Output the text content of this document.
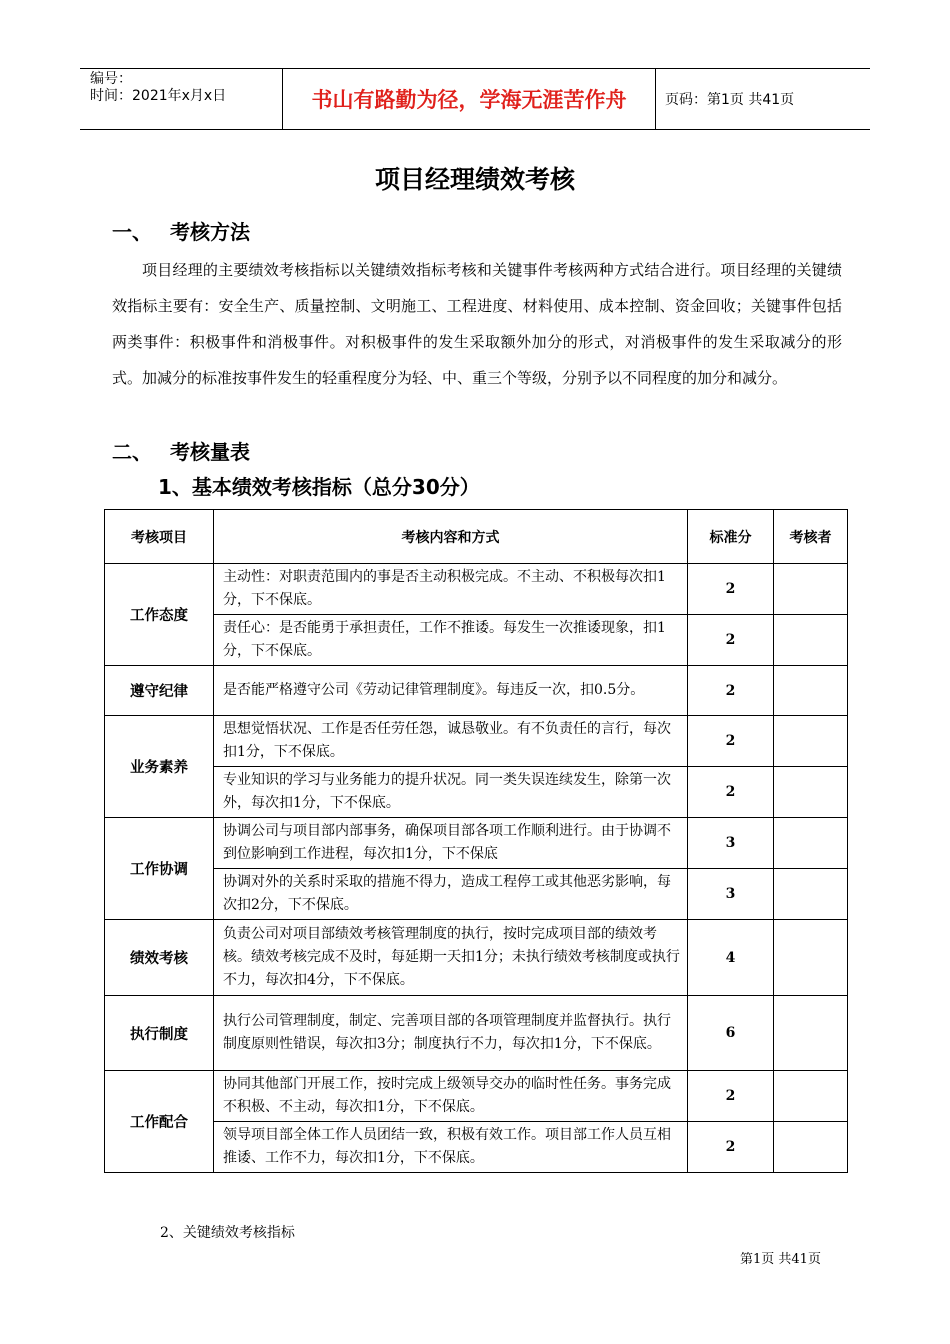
编号：
时间：2021年x月x日	书山有路勤为径，学海无涯苦作舟	页码：第1页 共41页
项目经理绩效考核
一、 考核方法

项目经理的主要绩效考核指标以关键绩效指标考核和关键事件考核两种方式结合进行。项目经理的关键绩效指标主要有：安全生产、质量控制、文明施工、工程进度、材料使用、成本控制、资金回收；关键事件包括两类事件：积极事件和消极事件。对积极事件的发生采取额外加分的形式，对消极事件的发生采取减分的形式。加减分的标准按事件发生的轻重程度分为轻、中、重三个等级，分别予以不同程度的加分和减分。

二、 考核量表
1、基本绩效考核指标（总分30分）
考核项目	考核内容和方式	标准分	考核者
工作态度	主动性：对职责范围内的事是否主动积极完成。不主动、不积极每次扣1分，下不保底。	2	
	责任心：是否能勇于承担责任，工作不推诿。每发生一次推诿现象，扣1分，下不保底。	2	
遵守纪律	是否能严格遵守公司《劳动记律管理制度》。每违反一次，扣0.5分。	2	
业务素养	思想觉悟状况、工作是否任劳任怨，诚恳敬业。有不负责任的言行，每次扣1分，下不保底。	2	
	专业知识的学习与业务能力的提升状况。同一类失误连续发生，除第一次外，每次扣1分，下不保底。	2	
工作协调	协调公司与项目部内部事务，确保项目部各项工作顺利进行。由于协调不到位影响到工作进程，每次扣1分，下不保底	3	
	协调对外的关系时采取的措施不得力，造成工程停工或其他恶劣影响，每次扣2分，下不保底。	3	
绩效考核	负责公司对项目部绩效考核管理制度的执行，按时完成项目部的绩效考核。绩效考核完成不及时，每延期一天扣1分；未执行绩效考核制度或执行不力，每次扣4分，下不保底。	4	
执行制度	执行公司管理制度，制定、完善项目部的各项管理制度并监督执行。执行制度原则性错误，每次扣3分；制度执行不力，每次扣1分，下不保底。	6	
工作配合	协同其他部门开展工作，按时完成上级领导交办的临时性任务。事务完成不积极、不主动，每次扣1分，下不保底。	2	
	领导项目部全体工作人员团结一致，积极有效工作。项目部工作人员互相推诿、工作不力，每次扣1分，下不保底。	2	
2、关键绩效考核指标
第1页 共41页
